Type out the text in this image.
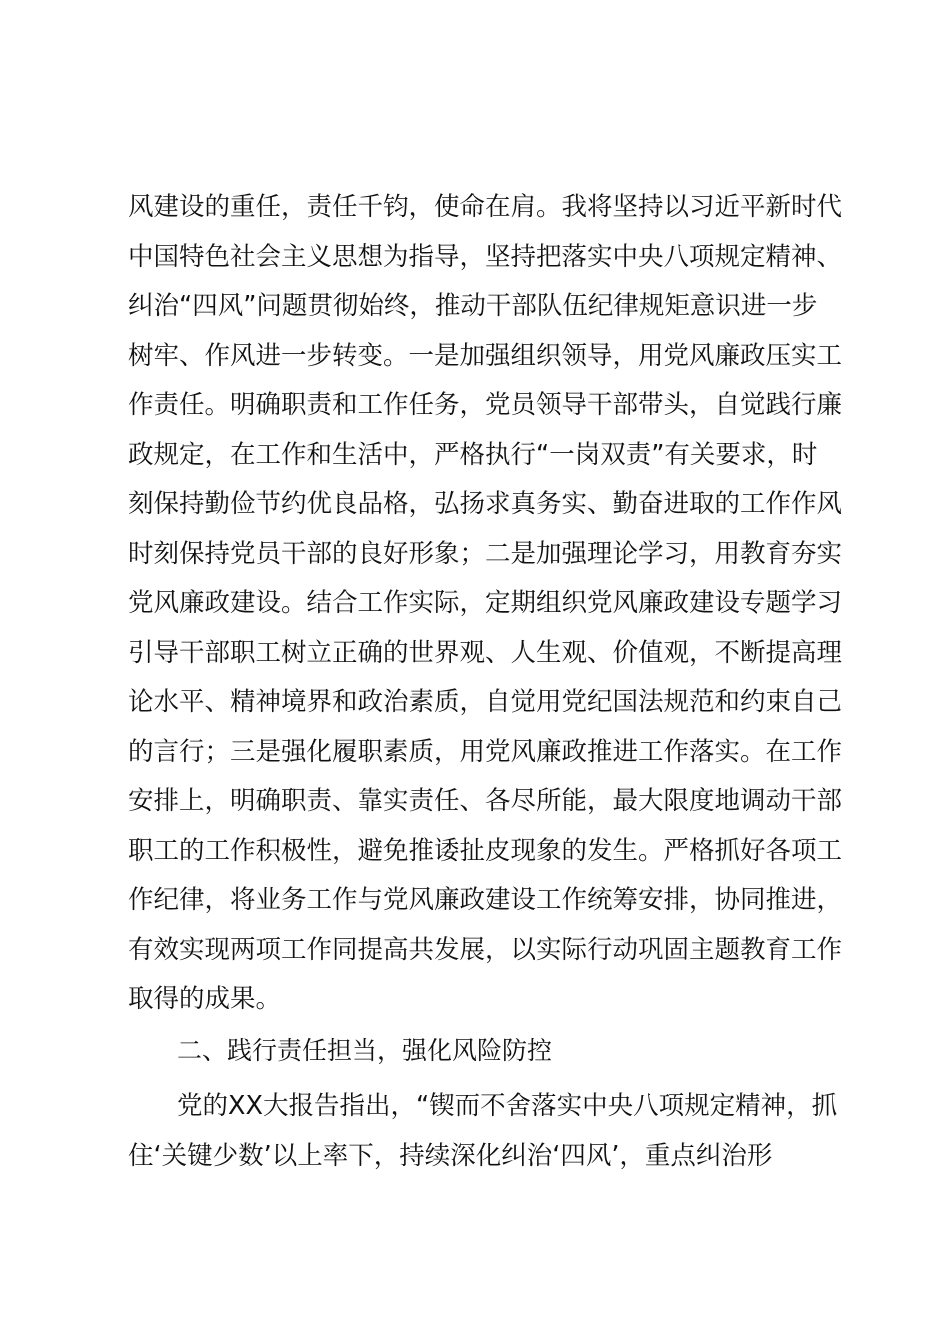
风建设的重任，责任千钧，使命在肩。我将坚持以习近平新时代
中国特色社会主义思想为指导，坚持把落实中央八项规定精神、
纠治“四风”问题贯彻始终，推动干部队伍纪律规矩意识进一步
树牢、作风进一步转变。一是加强组织领导，用党风廉政压实工
作责任。明确职责和工作任务，党员领导干部带头，自觉践行廉
政规定，在工作和生活中，严格执行“一岗双责”有关要求，时
刻保持勤俭节约优良品格，弘扬求真务实、勤奋进取的工作作风
时刻保持党员干部的良好形象；二是加强理论学习，用教育夯实
党风廉政建设。结合工作实际，定期组织党风廉政建设专题学习
引导干部职工树立正确的世界观、人生观、价值观，不断提高理
论水平、精神境界和政治素质，自觉用党纪国法规范和约束自己
的言行；三是强化履职素质，用党风廉政推进工作落实。在工作
安排上，明确职责、靠实责任、各尽所能，最大限度地调动干部
职工的工作积极性，避免推诿扯皮现象的发生。严格抓好各项工
作纪律，将业务工作与党风廉政建设工作统筹安排，协同推进，
有效实现两项工作同提高共发展，以实际行动巩固主题教育工作
取得的成果。
二、践行责任担当，强化风险防控
党的XX大报告指出，“锲而不舍落实中央八项规定精神，抓
住‘关键少数’以上率下，持续深化纠治‘四风’，重点纠治形
